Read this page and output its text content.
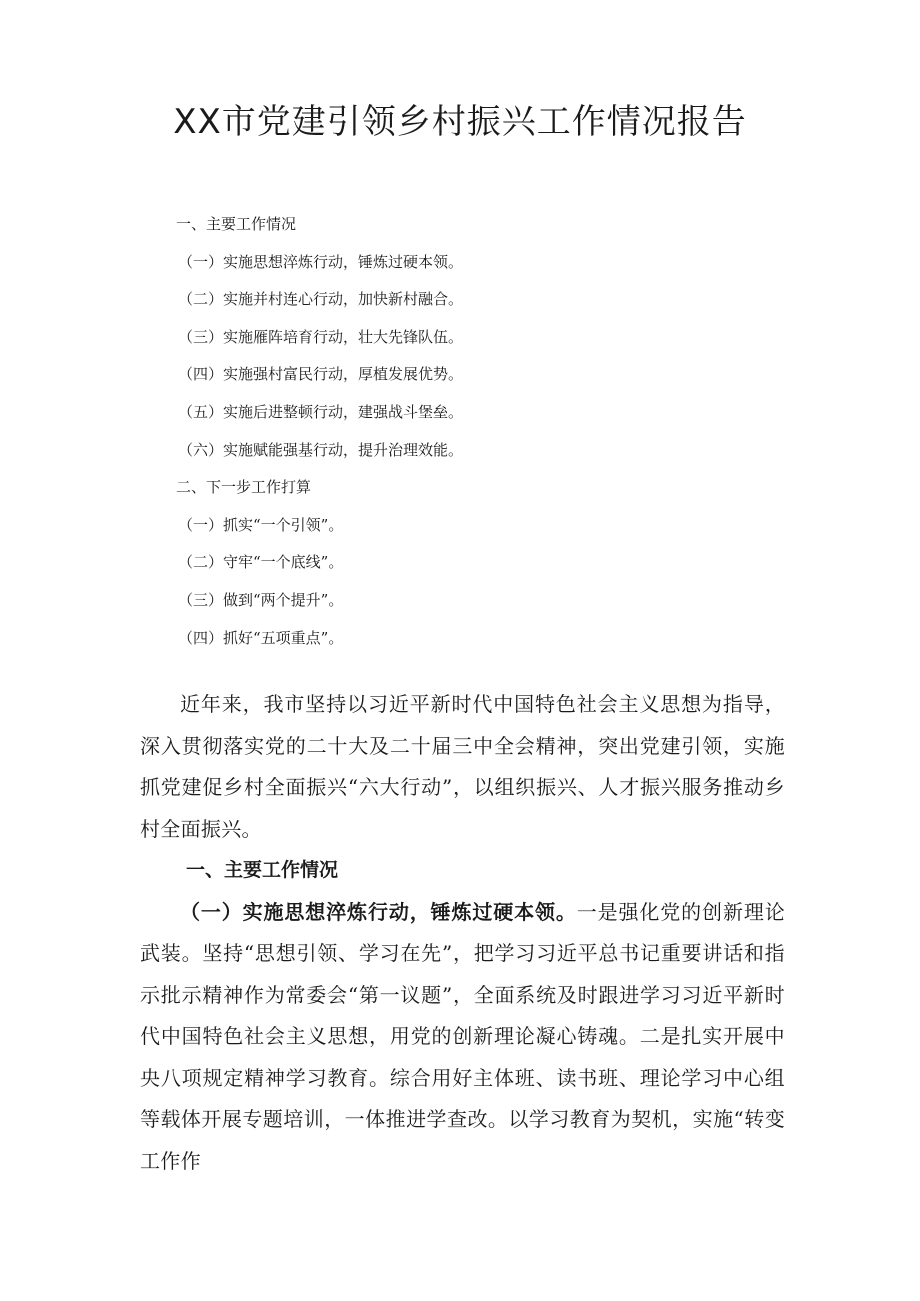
XX市党建引领乡村振兴工作情况报告
一、主要工作情况
（一）实施思想淬炼行动，锤炼过硬本领。
（二）实施并村连心行动，加快新村融合。
（三）实施雁阵培育行动，壮大先锋队伍。
（四）实施强村富民行动，厚植发展优势。
（五）实施后进整顿行动，建强战斗堡垒。
（六）实施赋能强基行动，提升治理效能。
二、下一步工作打算
（一）抓实“一个引领”。
（二）守牢“一个底线”。
（三）做到“两个提升”。
（四）抓好“五项重点”。

近年来，我市坚持以习近平新时代中国特色社会主义思想为指导，深入贯彻落实党的二十大及二十届三中全会精神，突出党建引领，实施抓党建促乡村全面振兴“六大行动”，以组织振兴、人才振兴服务推动乡村全面振兴。

一、主要工作情况

（一）实施思想淬炼行动，锤炼过硬本领。一是强化党的创新理论武装。坚持“思想引领、学习在先”，把学习习近平总书记重要讲话和指示批示精神作为常委会“第一议题”，全面系统及时跟进学习习近平新时代中国特色社会主义思想，用党的创新理论凝心铸魂。二是扎实开展中央八项规定精神学习教育。综合用好主体班、读书班、理论学习中心组等载体开展专题培训，一体推进学查改。以学习教育为契机，实施“转变工作作
